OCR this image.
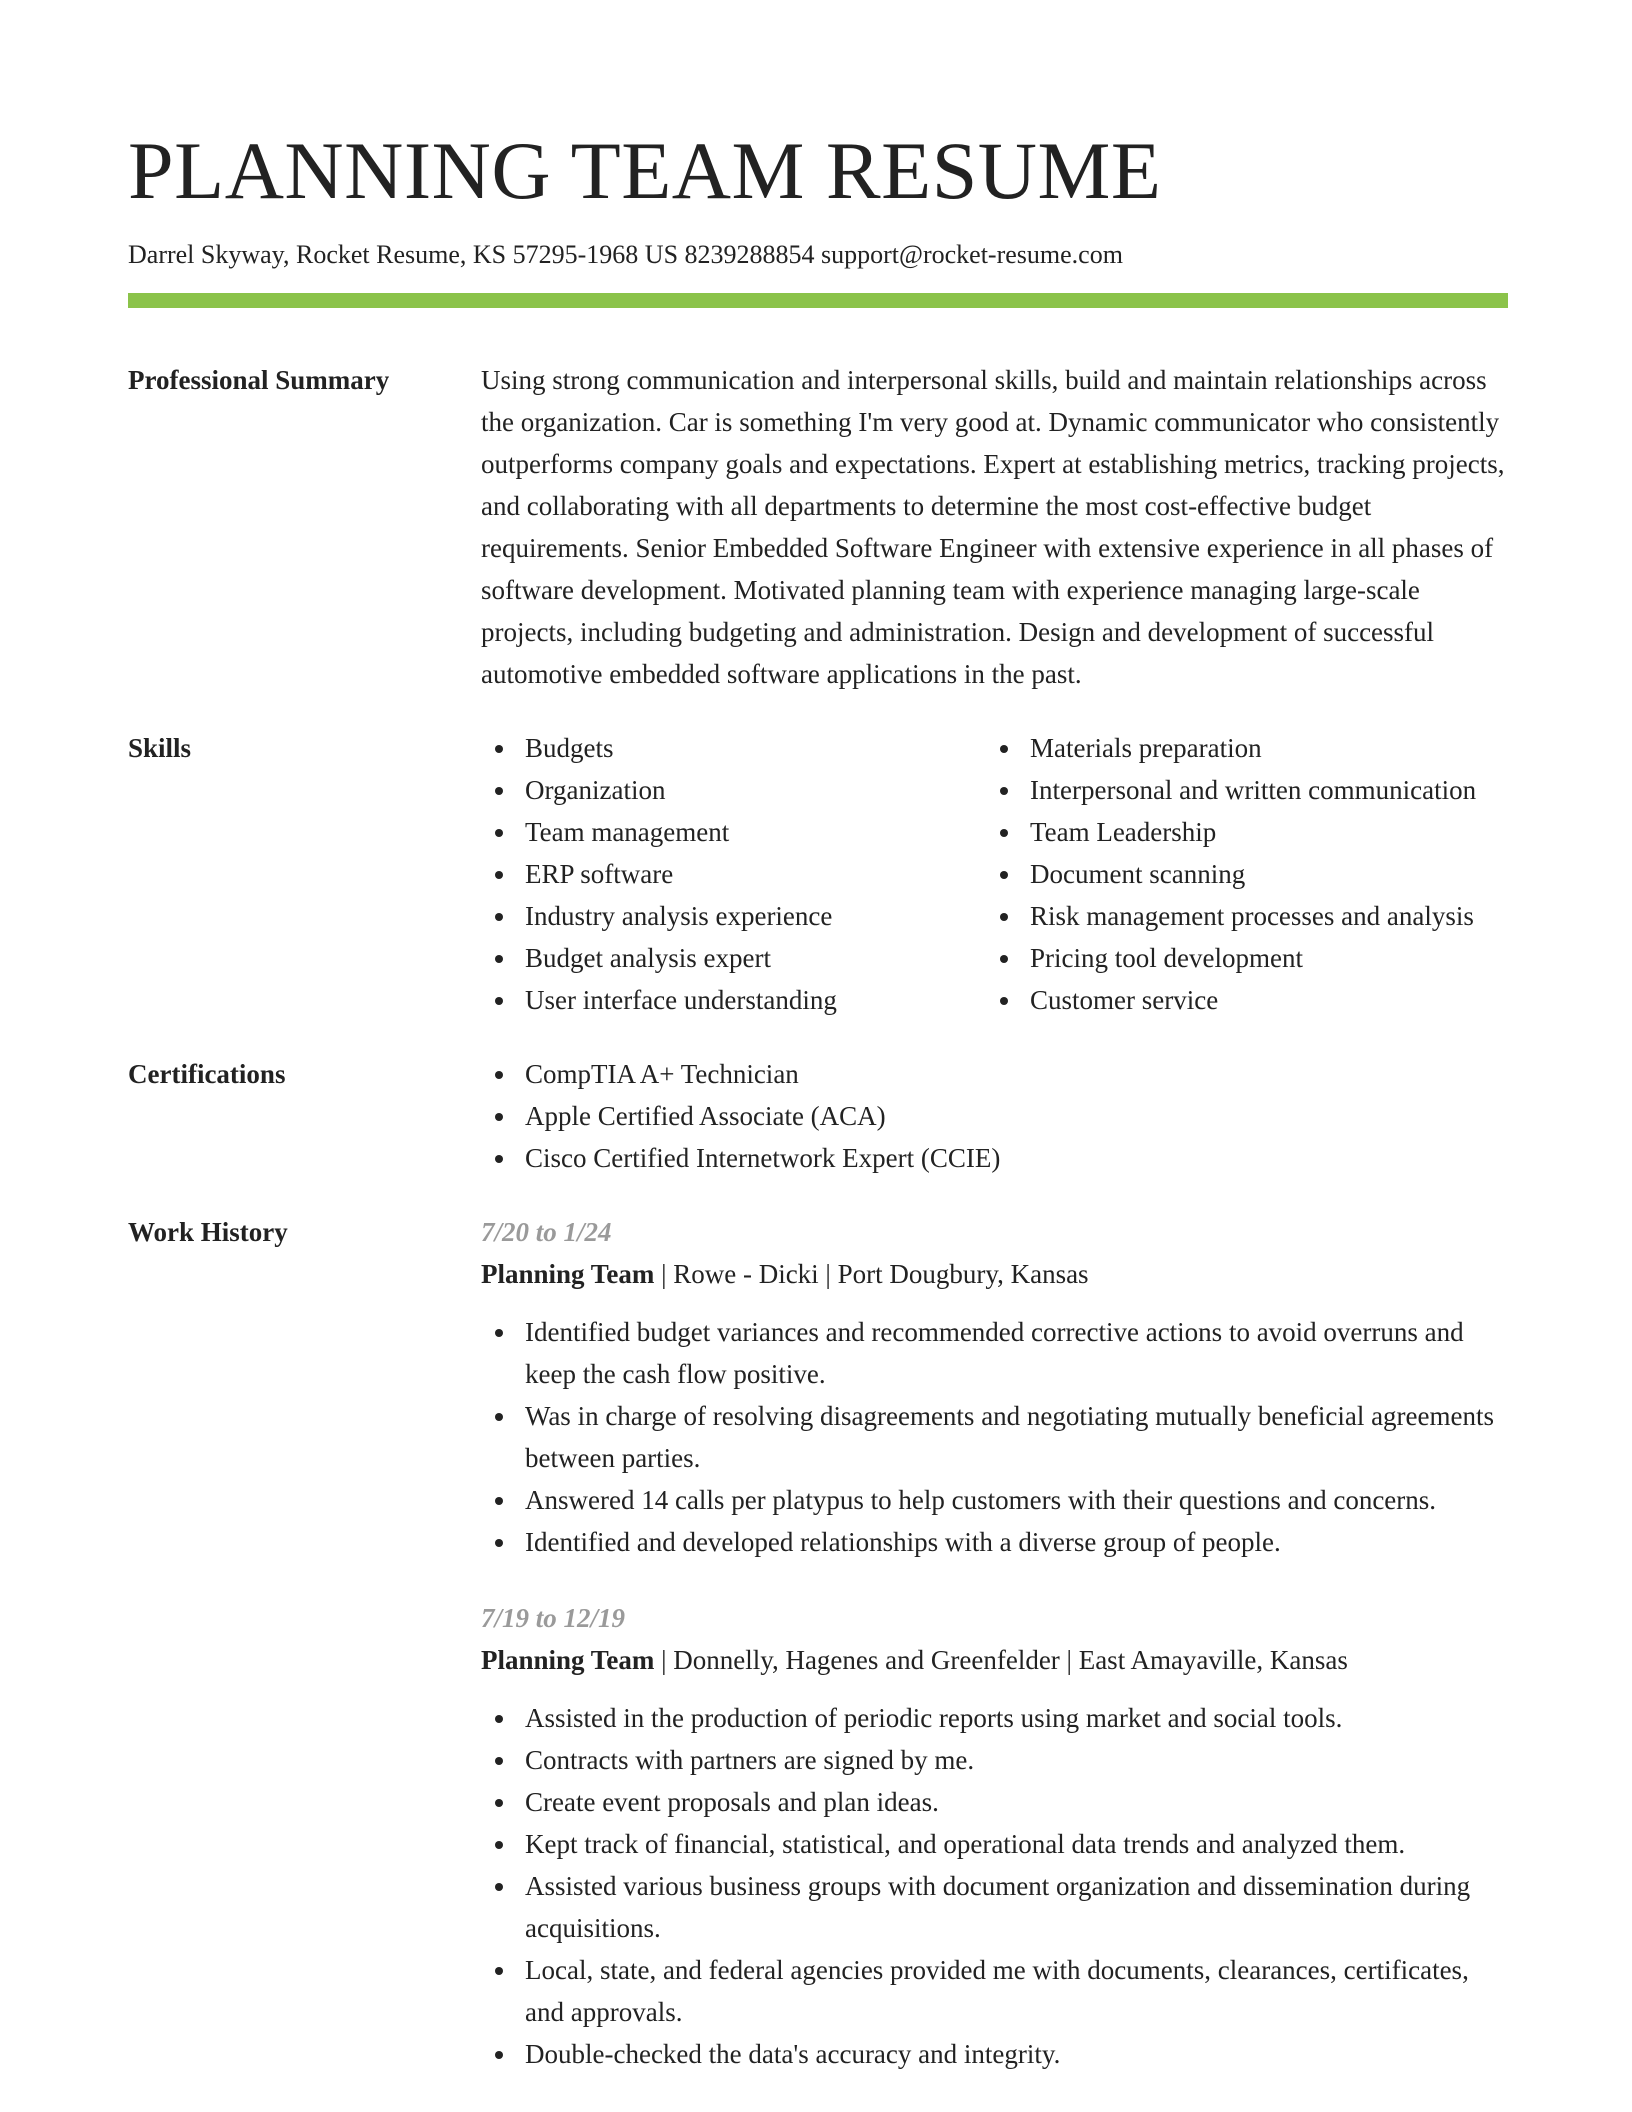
PLANNING TEAM RESUME
Darrel Skyway, Rocket Resume, KS 57295-1968 US 8239288854 support@rocket-resume.com
Professional Summary	Using strong communication and interpersonal skills, build and maintain relationships across the organization. Car is something I'm very good at. Dynamic communicator who consistently outperforms company goals and expectations. Expert at establishing metrics, tracking projects, and collaborating with all departments to determine the most cost-effective budget requirements. Senior Embedded Software Engineer with extensive experience in all phases of software development. Motivated planning team with experience managing large-scale projects, including budgeting and administration. Design and development of successful automotive embedded software applications in the past.
Skills	Budgets
Organization
Team management
ERP software
Industry analysis experience
Budget analysis expert
User interface understanding
Materials preparation
Interpersonal and written communication
Team Leadership
Document scanning
Risk management processes and analysis
Pricing tool development
Customer service
Certifications	CompTIA A+ Technician
Apple Certified Associate (ACA)
Cisco Certified Internetwork Expert (CCIE)
Work History	7/20 to 1/24
Planning Team | Rowe - Dicki | Port Dougbury, Kansas
Identified budget variances and recommended corrective actions to avoid overruns and keep the cash flow positive.
Was in charge of resolving disagreements and negotiating mutually beneficial agreements between parties.
Answered 14 calls per platypus to help customers with their questions and concerns.
Identified and developed relationships with a diverse group of people.
7/19 to 12/19
Planning Team | Donnelly, Hagenes and Greenfelder | East Amayaville, Kansas
Assisted in the production of periodic reports using market and social tools.
Contracts with partners are signed by me.
Create event proposals and plan ideas.
Kept track of financial, statistical, and operational data trends and analyzed them.
Assisted various business groups with document organization and dissemination during acquisitions.
Local, state, and federal agencies provided me with documents, clearances, certificates, and approvals.
Double-checked the data's accuracy and integrity.
